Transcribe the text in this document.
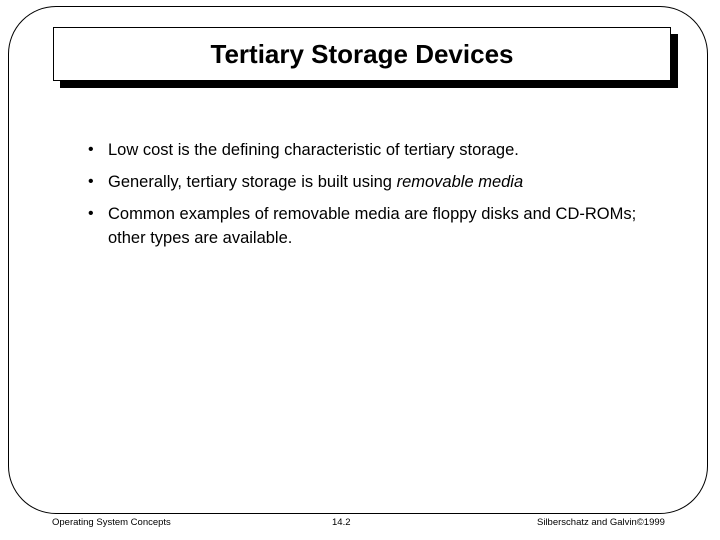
Tertiary Storage Devices
• Low cost is the defining characteristic of tertiary storage.
• Generally, tertiary storage is built using removable media
• Common examples of removable media are floppy disks and CD-ROMs; other types are available.
Operating System Concepts	14.2	Silberschatz and Galvin©1999
